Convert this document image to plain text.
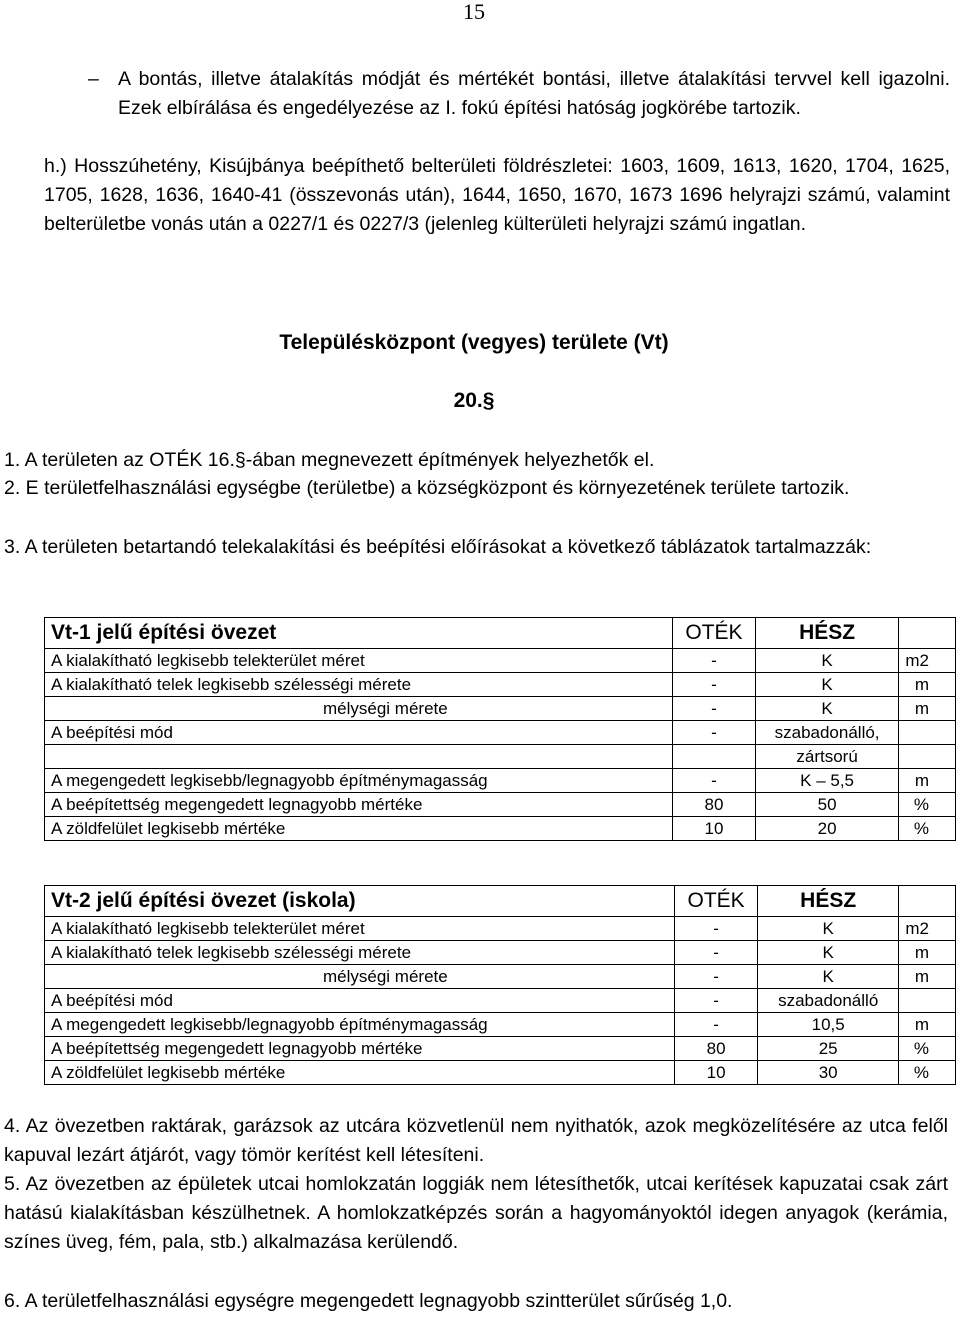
15
– A bontás, illetve átalakítás módját és mértékét bontási, illetve átalakítási tervvel kell igazolni. Ezek elbírálása és engedélyezése az I. fokú építési hatóság jogkörébe tartozik.

h.) Hosszúhetény, Kisújbánya beépíthető belterületi földrészletei: 1603, 1609, 1613, 1620, 1704, 1625, 1705, 1628, 1636, 1640-41 (összevonás után), 1644, 1650, 1670, 1673 1696 helyrajzi számú, valamint belterületbe vonás után a 0227/1 és 0227/3 (jelenleg külterületi helyrajzi számú ingatlan.

Településközpont (vegyes) területe (Vt)
20.§

1. A területen az OTÉK 16.§-ában megnevezett építmények helyezhetők el.

2. E területfelhasználási egységbe (területbe) a községközpont és környezetének területe tartozik.

3. A területen betartandó telekalakítási és beépítési előírásokat a következő táblázatok tartalmazzák:

Vt-1 jelű építési övezet	OTÉK	HÉSZ	
A kialakítható legkisebb telekterület méret	-	K	m2
A kialakítható telek legkisebb szélességi mérete	-	K	m
mélységi mérete	-	K	m
A beépítési mód	-	szabadonálló,	
		zártsorú	
A megengedett legkisebb/legnagyobb építménymagasság	-	K – 5,5	m
A beépítettség megengedett legnagyobb mértéke	80	50	%
A zöldfelület legkisebb mértéke	10	20	%
Vt-2 jelű építési övezet (iskola)	OTÉK	HÉSZ	
A kialakítható legkisebb telekterület méret	-	K	m2
A kialakítható telek legkisebb szélességi mérete	-	K	m
mélységi mérete	-	K	m
A beépítési mód	-	szabadonálló	
A megengedett legkisebb/legnagyobb építménymagasság	-	10,5	m
A beépítettség megengedett legnagyobb mértéke	80	25	%
A zöldfelület legkisebb mértéke	10	30	%

4. Az övezetben raktárak, garázsok az utcára közvetlenül nem nyithatók, azok megközelítésére az utca felől kapuval lezárt átjárót, vagy tömör kerítést kell létesíteni.

5. Az övezetben az épületek utcai homlokzatán loggiák nem létesíthetők, utcai kerítések kapuzatai csak zárt hatású kialakításban készülhetnek. A homlokzatképzés során a hagyományoktól idegen anyagok (kerámia, színes üveg, fém, pala, stb.) alkalmazása kerülendő.

6. A területfelhasználási egységre megengedett legnagyobb szintterület sűrűség 1,0.
